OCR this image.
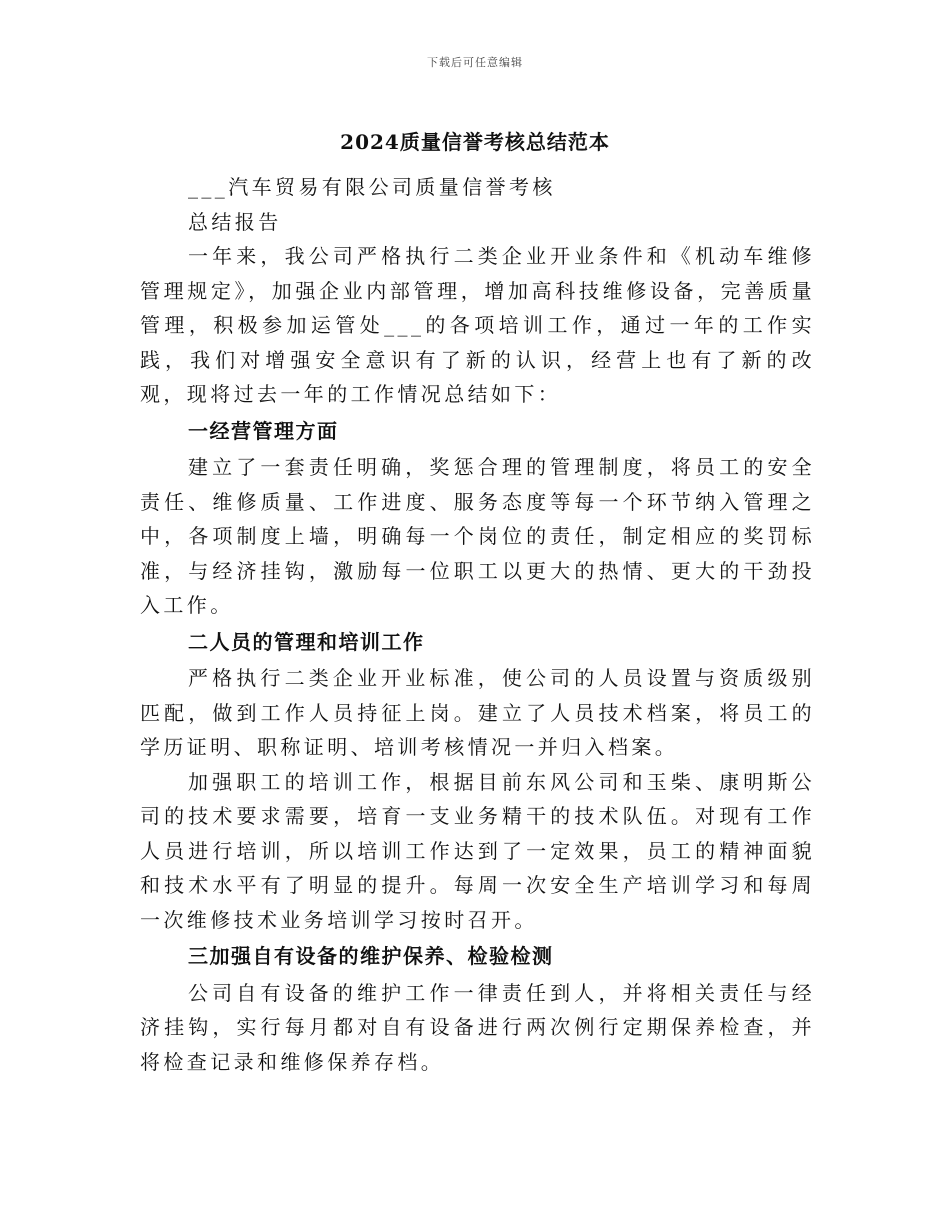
下载后可任意编辑
2024质量信誉考核总结范本

___汽车贸易有限公司质量信誉考核

总结报告

一年来，我公司严格执行二类企业开业条件和《机动车维修管理规定》，加强企业内部管理，增加高科技维修设备，完善质量管理，积极参加运管处___的各项培训工作，通过一年的工作实践，我们对增强安全意识有了新的认识，经营上也有了新的改观，现将过去一年的工作情况总结如下：

一经营管理方面

建立了一套责任明确，奖惩合理的管理制度，将员工的安全责任、维修质量、工作进度、服务态度等每一个环节纳入管理之中，各项制度上墙，明确每一个岗位的责任，制定相应的奖罚标准，与经济挂钩，激励每一位职工以更大的热情、更大的干劲投入工作。

二人员的管理和培训工作

严格执行二类企业开业标准，使公司的人员设置与资质级别匹配，做到工作人员持征上岗。建立了人员技术档案，将员工的学历证明、职称证明、培训考核情况一并归入档案。

加强职工的培训工作，根据目前东风公司和玉柴、康明斯公司的技术要求需要，培育一支业务精干的技术队伍。对现有工作人员进行培训，所以培训工作达到了一定效果，员工的精神面貌和技术水平有了明显的提升。每周一次安全生产培训学习和每周一次维修技术业务培训学习按时召开。

三加强自有设备的维护保养、检验检测

公司自有设备的维护工作一律责任到人，并将相关责任与经济挂钩，实行每月都对自有设备进行两次例行定期保养检查，并将检查记录和维修保养存档。
